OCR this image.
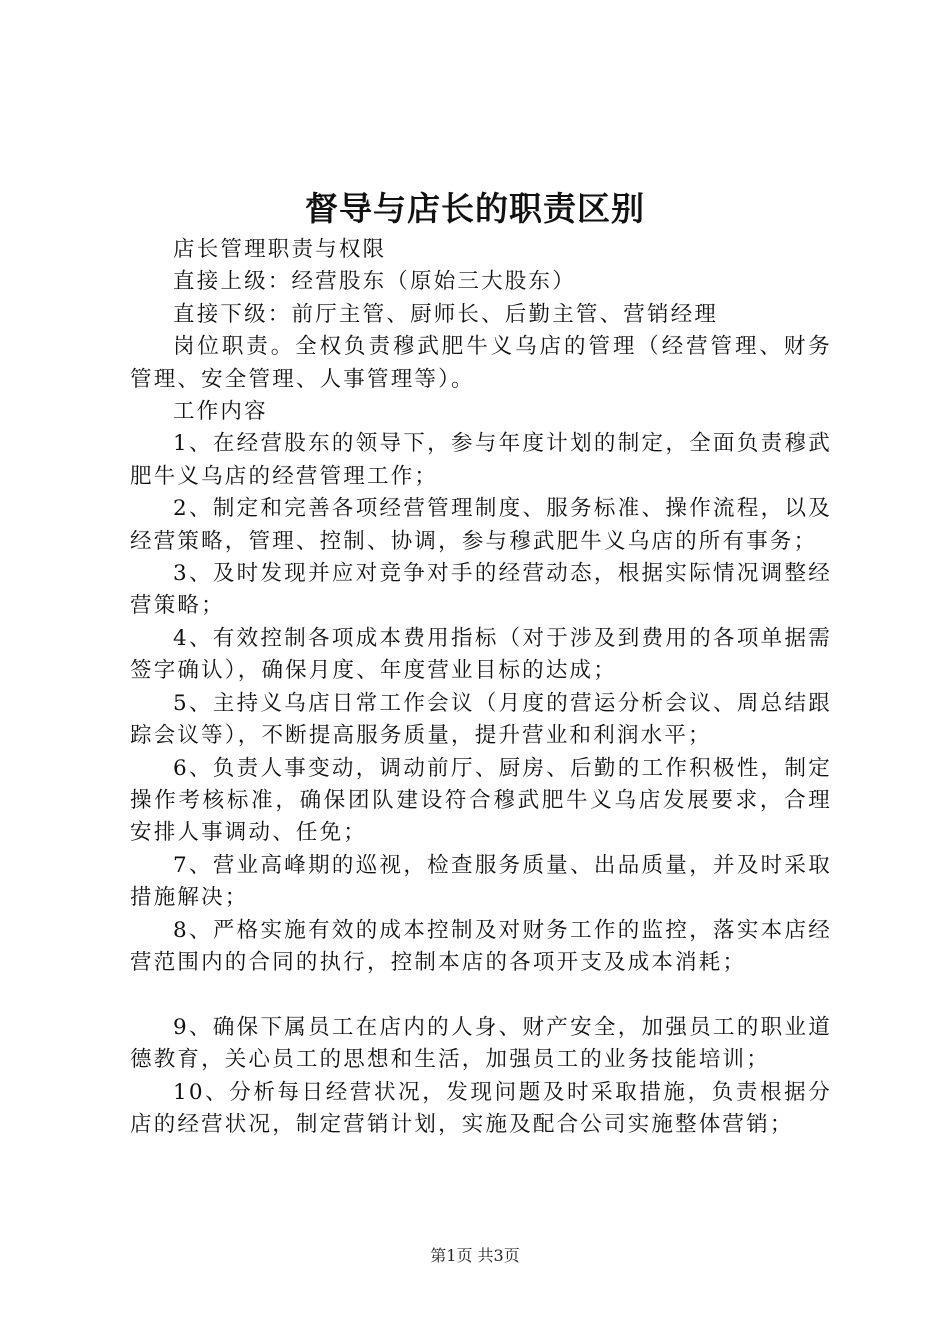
督导与店长的职责区别

店长管理职责与权限

直接上级：经营股东（原始三大股东）

直接下级：前厅主管、厨师长、后勤主管、营销经理

岗位职责。全权负责穆武肥牛义乌店的管理（经营管理、财务管理、安全管理、人事管理等）。

工作内容

1、在经营股东的领导下，参与年度计划的制定，全面负责穆武肥牛义乌店的经营管理工作；

2、制定和完善各项经营管理制度、服务标准、操作流程，以及经营策略，管理、控制、协调，参与穆武肥牛义乌店的所有事务；

3、及时发现并应对竞争对手的经营动态，根据实际情况调整经营策略；

4、有效控制各项成本费用指标（对于涉及到费用的各项单据需签字确认），确保月度、年度营业目标的达成；

5、主持义乌店日常工作会议（月度的营运分析会议、周总结跟踪会议等），不断提高服务质量，提升营业和利润水平；

6、负责人事变动，调动前厅、厨房、后勤的工作积极性，制定操作考核标准，确保团队建设符合穆武肥牛义乌店发展要求，合理安排人事调动、任免；

7、营业高峰期的巡视，检查服务质量、出品质量，并及时采取措施解决；

8、严格实施有效的成本控制及对财务工作的监控，落实本店经营范围内的合同的执行，控制本店的各项开支及成本消耗；

9、确保下属员工在店内的人身、财产安全，加强员工的职业道德教育，关心员工的思想和生活，加强员工的业务技能培训；

10、分析每日经营状况，发现问题及时采取措施，负责根据分店的经营状况，制定营销计划，实施及配合公司实施整体营销；

第1页 共3页
